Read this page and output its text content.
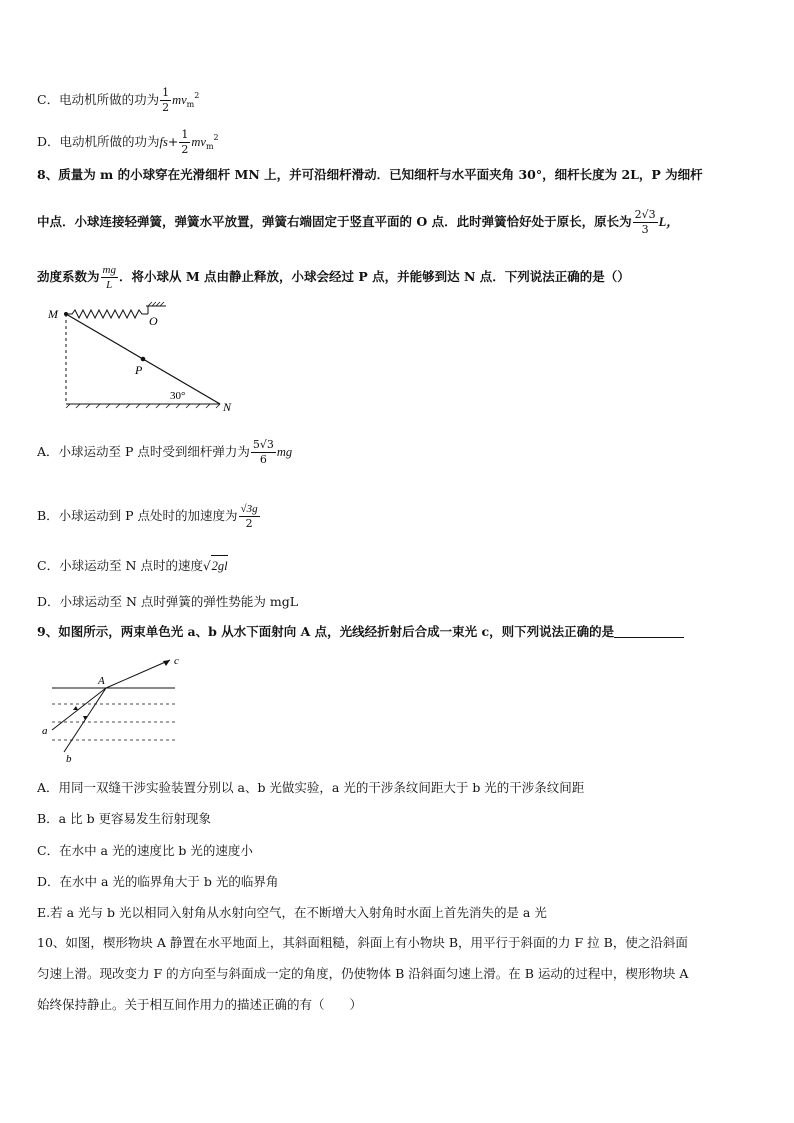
C．电动机所做的功为 $\frac{1}{2} mv_m^2$
D．电动机所做的功为$fs+ \frac{1}{2} mv_m^2$
8、质量为 m 的小球穿在光滑细杆 MN 上，并可沿细杆滑动．已知细杆与水平面夹角 30°，细杆长度为 2L，P 为细杆
中点．小球连接轻弹簧，弹簧水平放置，弹簧右端固定于竖直平面的 O 点．此时弹簧恰好处于原长，原长为 $\frac{2√3}{3}$ L，
劲度系数为 $\frac{mg}{L}$ ．将小球从 M 点由静止释放，小球会经过 P 点，并能够到达 N 点．下列说法正确的是（）
M	O
P
N
30°
A．小球运动至 P 点时受到细杆弹力为 $\frac{5√3}{6}$ mg
B．小球运动到 P 点处时的加速度为 $\frac{√3g}{2}$
C．小球运动至 N 点时的速度√2gl
D．小球运动至 N 点时弹簧的弹性势能为 mgL
9、如图所示，两束单色光 a、b 从水下面射向 A 点，光线经折射后合成一束光 c，则下列说法正确的是
A
a
b
c
A．用同一双缝干涉实验装置分别以 a、b 光做实验，a 光的干涉条纹间距大于 b 光的干涉条纹间距
B．a 比 b 更容易发生衍射现象
C．在水中 a 光的速度比 b 光的速度小
D．在水中 a 光的临界角大于 b 光的临界角
E.若 a 光与 b 光以相同入射角从水射向空气，在不断增大入射角时水面上首先消失的是 a 光
10、如图，楔形物块 A 静置在水平地面上，其斜面粗糙，斜面上有小物块 B，用平行于斜面的力 F 拉 B，使之沿斜面
匀速上滑。现改变力 F 的方向至与斜面成一定的角度，仍使物体 B 沿斜面匀速上滑。在 B 运动的过程中，楔形物块 A
始终保持静止。关于相互间作用力的描述正确的有（　　）
